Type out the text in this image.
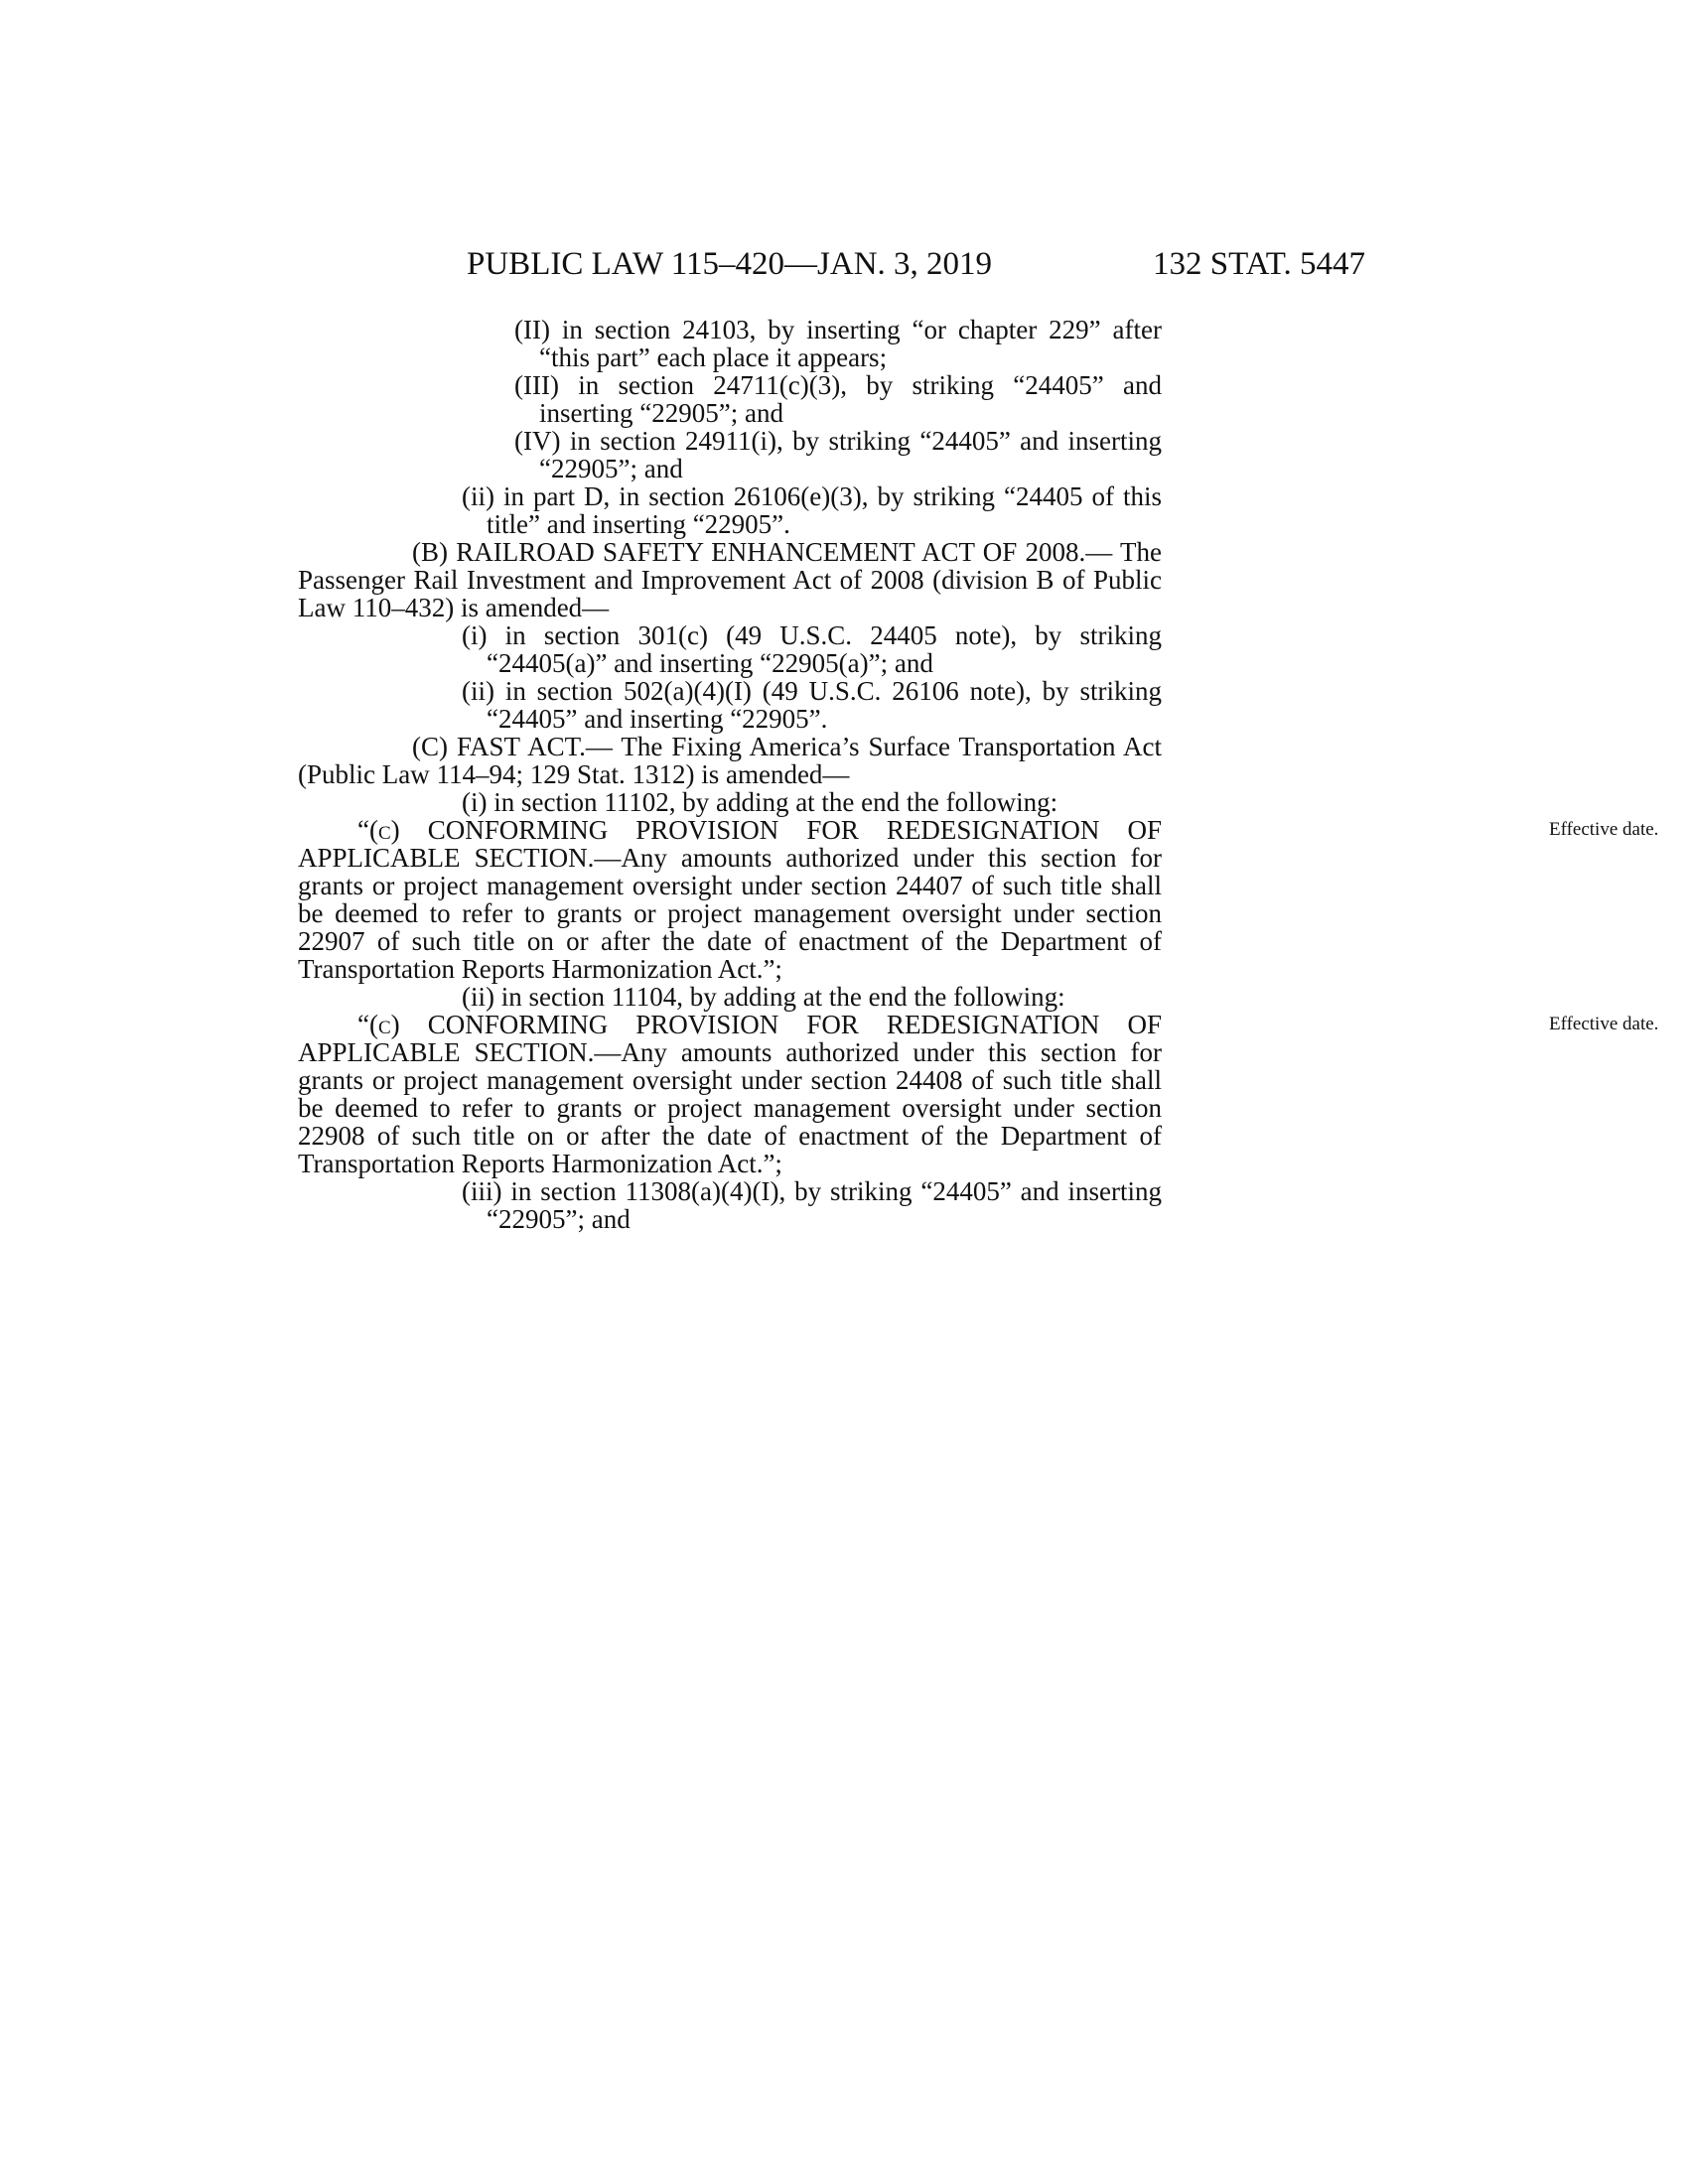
PUBLIC LAW 115–420—JAN. 3, 2019	132 STAT. 5447
(II) in section 24103, by inserting “or chapter 229” after “this part” each place it appears;
(III) in section 24711(c)(3), by striking “24405” and inserting “22905”; and
(IV) in section 24911(i), by striking “24405” and inserting “22905”; and
(ii) in part D, in section 26106(e)(3), by striking “24405 of this title” and inserting “22905”.
(B) RAILROAD SAFETY ENHANCEMENT ACT OF 2008.— The Passenger Rail Investment and Improvement Act of 2008 (division B of Public Law 110–432) is amended—
(i) in section 301(c) (49 U.S.C. 24405 note), by striking “24405(a)” and inserting “22905(a)”; and
(ii) in section 502(a)(4)(I) (49 U.S.C. 26106 note), by striking “24405” and inserting “22905”.
(C) FAST ACT.— The Fixing America’s Surface Transportation Act (Public Law 114–94; 129 Stat. 1312) is amended—
(i) in section 11102, by adding at the end the following:
“(c) CONFORMING PROVISION FOR REDESIGNATION OF APPLICABLE SECTION.—Any amounts authorized under this section for grants or project management oversight under section 24407 of such title shall be deemed to refer to grants or project management oversight under section 22907 of such title on or after the date of enactment of the Department of Transportation Reports Harmonization Act.”;
Effective date.
(ii) in section 11104, by adding at the end the following:
“(c) CONFORMING PROVISION FOR REDESIGNATION OF APPLICABLE SECTION.—Any amounts authorized under this section for grants or project management oversight under section 24408 of such title shall be deemed to refer to grants or project management oversight under section 22908 of such title on or after the date of enactment of the Department of Transportation Reports Harmonization Act.”;
Effective date.
(iii) in section 11308(a)(4)(I), by striking “24405” and inserting “22905”; and
